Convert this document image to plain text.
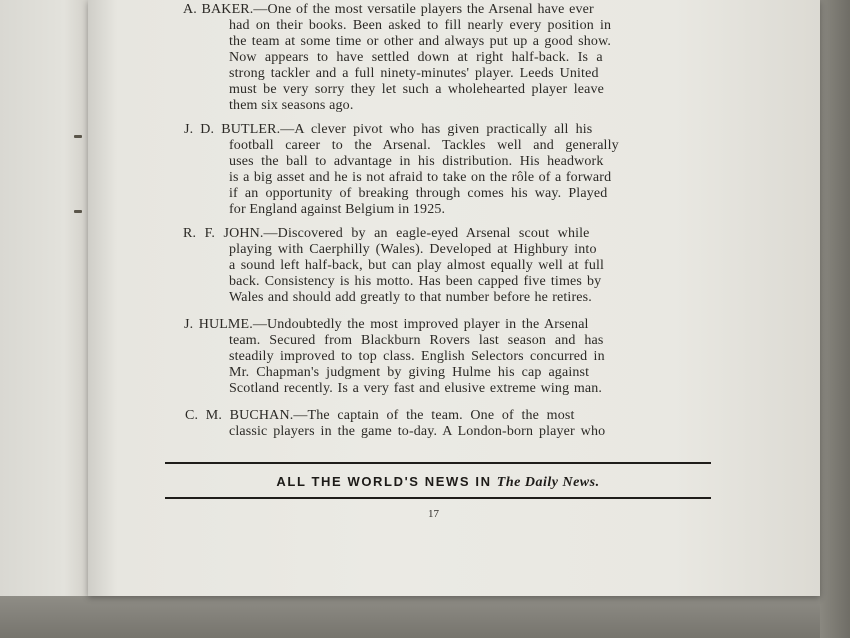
A. BAKER.—One of the most versatile players the Arsenal have ever
had on their books. Been asked to fill nearly every position in
the team at some time or other and always put up a good show.
Now appears to have settled down at right half-back. Is a
strong tackler and a full ninety-minutes' player. Leeds United
must be very sorry they let such a wholehearted player leave
them six seasons ago.
J. D. BUTLER.—A clever pivot who has given practically all his
football career to the Arsenal. Tackles well and generally
uses the ball to advantage in his distribution. His headwork
is a big asset and he is not afraid to take on the rôle of a forward
if an opportunity of breaking through comes his way. Played
for England against Belgium in 1925.
R. F. JOHN.—Discovered by an eagle-eyed Arsenal scout while
playing with Caerphilly (Wales). Developed at Highbury into
a sound left half-back, but can play almost equally well at full
back. Consistency is his motto. Has been capped five times by
Wales and should add greatly to that number before he retires.
J. HULME.—Undoubtedly the most improved player in the Arsenal
team. Secured from Blackburn Rovers last season and has
steadily improved to top class. English Selectors concurred in
Mr. Chapman's judgment by giving Hulme his cap against
Scotland recently. Is a very fast and elusive extreme wing man.
C. M. BUCHAN.—The captain of the team. One of the most
classic players in the game to-day. A London-born player who
ALL THE WORLD'S NEWS IN The Daily News.
17
